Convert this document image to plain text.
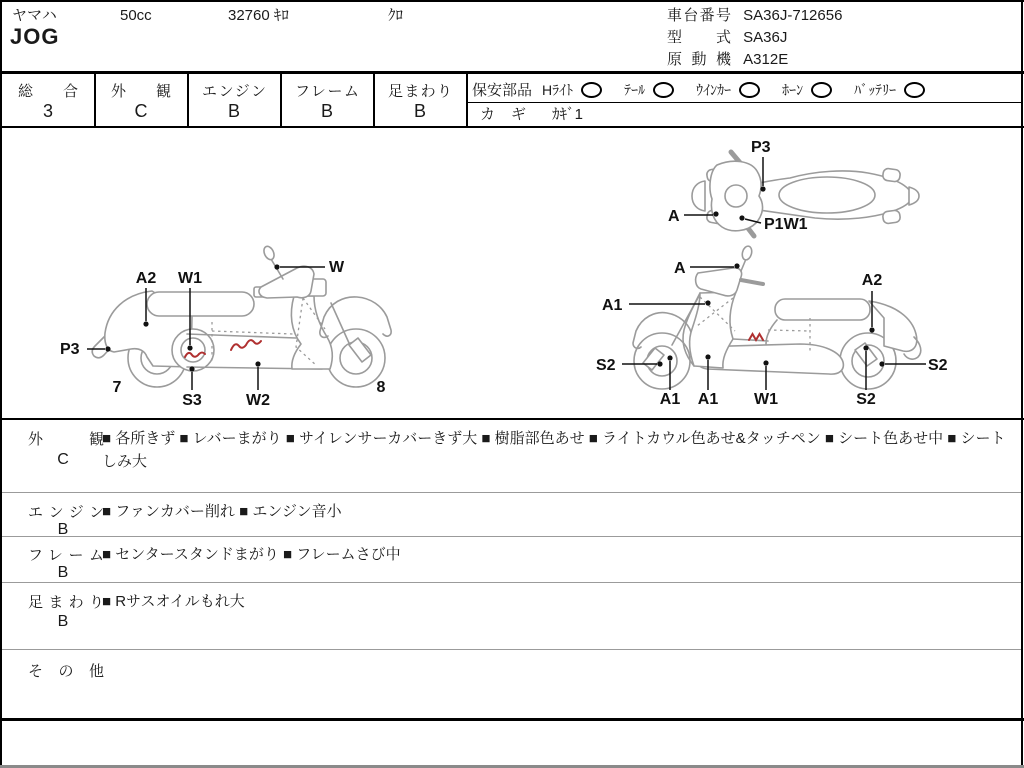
ヤマハ	50cc	32760 ｷﾛ	ｸﾛ
JOG
車台番号 SA36J-712656
型　式 SA36J
原 動 機 A312E
総　合
3
外　観
C
エンジン
B
フレーム
B
足まわり
B
保安部品 Hﾗｲﾄ	ﾃｰﾙ	ｳｲﾝｶｰ	ﾎｰﾝ	ﾊﾞｯﾃﾘｰ
カ　ギ ｶｷﾞ1
A2 W1
W
P3
7
S3	W2
8
A
A1
A2
S2
A1 A1 W1	S2
S2
P3
A	P1W1
外　観
C
■ 各所きず ■ レバーまがり ■ サイレンサーカバーきず大 ■ 樹脂部色あせ ■ ライトカウル色あせ&タッチペン ■ シート色あせ中 ■ シートしみ大
エンジン
B
■ ファンカバー削れ ■ エンジン音小
フレーム
B
■ センタースタンドまがり ■ フレームさび中
足まわり
B
■ Rサスオイルもれ大
そ の 他
